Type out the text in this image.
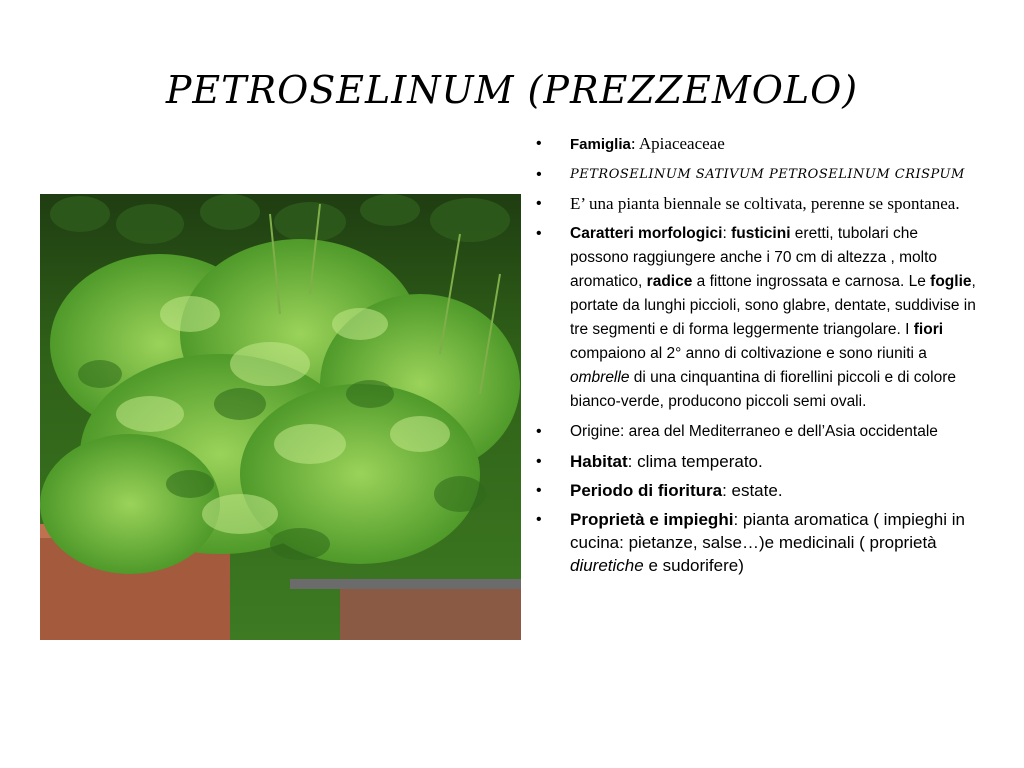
PETROSELINUM (PREZZEMOLO)
• Famiglia: Apiaceaceae
• PETROSELINUM SATIVUM PETROSELINUM CRISPUM
• E’ una pianta biennale se coltivata, perenne se spontanea.
• Caratteri morfologici: fusticini eretti, tubolari che possono raggiungere anche i 70 cm di altezza , molto aromatico, radice a fittone ingrossata e carnosa. Le foglie, portate da lunghi piccioli, sono glabre, dentate, suddivise in tre segmenti e di forma leggermente triangolare. I fiori compaiono al 2° anno di coltivazione e sono riuniti a ombrelle di una cinquantina di fiorellini piccoli e di colore bianco-verde, producono piccoli semi ovali.
• Origine: area del Mediterraneo e dell’Asia occidentale
• Habitat: clima temperato.
• Periodo di fioritura: estate.
• Proprietà e impieghi: pianta aromatica ( impieghi in cucina: pietanze, salse…)e medicinali ( proprietà diuretiche e sudorifere)
